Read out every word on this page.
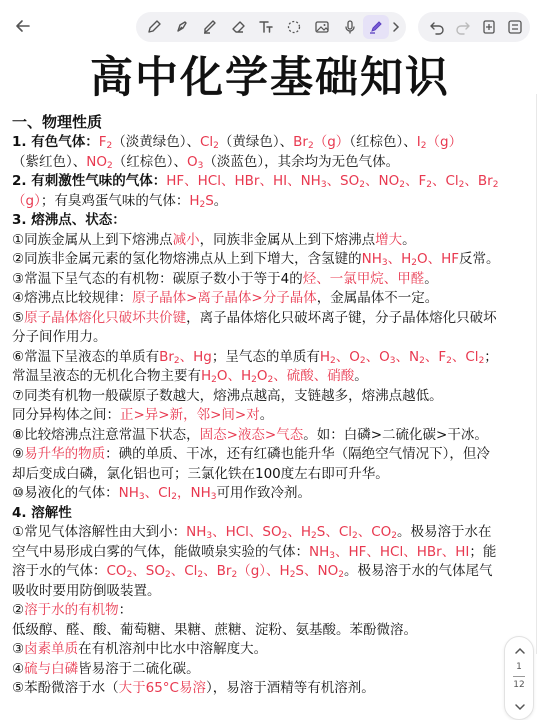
高中化学基础知识
一、物理性质
1. 有色气体：$F_2$（淡黄绿色）、$Cl_2$（黄绿色）、$Br_2(g)$（红棕色）、$I_2(g)$
（紫红色）、$NO_2$（红棕色）、$O_3$（淡蓝色），其余均为无色气体。
2. 有刺激性气味的气体：HF、HCl、HBr、HI、$NH_3$、$SO_2$、$NO_2$、$F_2$、$Cl_2$、$Br_2$
（g）；有臭鸡蛋气味的气体：$H_2S$。
3. 熔沸点、状态：
①同族金属从上到下熔沸点减小，同族非金属从上到下熔沸点增大。
②同族非金属元素的氢化物熔沸点从上到下增大，含氢键的$NH_3$、$H_2O$、HF反常。
③常温下呈气态的有机物：碳原子数小于等于4的烃、一氯甲烷、甲醛。
④熔沸点比较规律：原子晶体>离子晶体>分子晶体，金属晶体不一定。
⑤原子晶体熔化只破坏共价键，离子晶体熔化只破坏离子键，分子晶体熔化只破坏
分子间作用力。
⑥常温下呈液态的单质有$Br_2$、Hg；呈气态的单质有$H_2$、$O_2$、$O_3$、$N_2$、$F_2$、$Cl_2$；
常温呈液态的无机化合物主要有$H_2O$、$H_2O_2$、硫酸、硝酸。
⑦同类有机物一般碳原子数越大，熔沸点越高，支链越多，熔沸点越低。
同分异构体之间：正>异>新，邻>间>对。
⑧比较熔沸点注意常温下状态，固态>液态>气态。如：白磷>二硫化碳>干冰。
⑨易升华的物质：碘的单质、干冰，还有红磷也能升华（隔绝空气情况下），但冷
却后变成白磷，氯化铝也可；三氯化铁在100度左右即可升华。
⑩易液化的气体：$NH_3$、$Cl_2$，$NH_3$可用作致冷剂。
4. 溶解性
①常见气体溶解性由大到小：$NH_3$、HCl、$SO_2$、$H_2S$、$Cl_2$、$CO_2$。极易溶于水在
空气中易形成白雾的气体，能做喷泉实验的气体：$NH_3$、HF、HCl、HBr、HI；能
溶于水的气体：$CO_2$、$SO_2$、$Cl_2$、$Br_2(g)$、$H_2S$、$NO_2$。极易溶于水的气体尾气
吸收时要用防倒吸装置。
②溶于水的有机物：
低级醇、醛、酸、葡萄糖、果糖、蔗糖、淀粉、氨基酸。苯酚微溶。
③卤素单质在有机溶剂中比水中溶解度大。
④硫与白磷皆易溶于二硫化碳。
⑤苯酚微溶于水（大于65°C易溶），易溶于酒精等有机溶剂。
1
12
